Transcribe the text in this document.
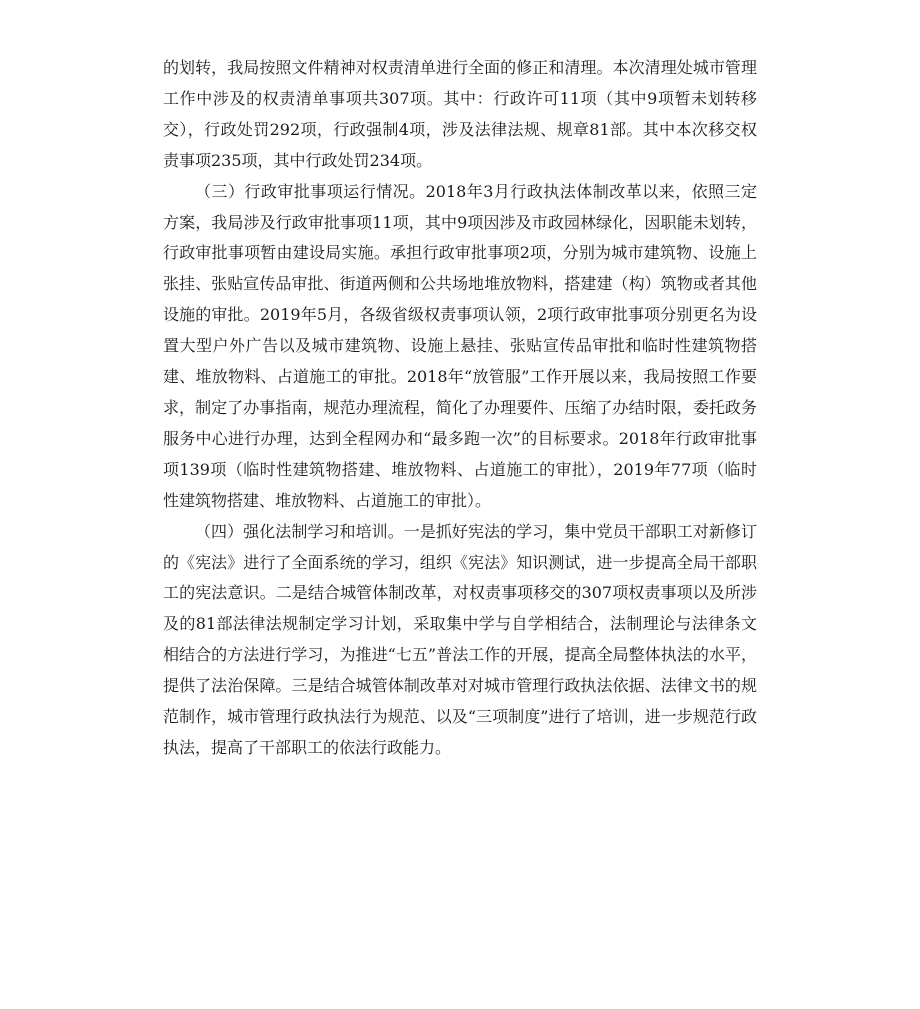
的划转，我局按照文件精神对权责清单进行全面的修正和清理。本次清理处城市管理工作中涉及的权责清单事项共307项。其中：行政许可11项（其中9项暂未划转移交），行政处罚292项，行政强制4项，涉及法律法规、规章81部。其中本次移交权责事项235项，其中行政处罚234项。

（三）行政审批事项运行情况。2018年3月行政执法体制改革以来，依照三定方案，我局涉及行政审批事项11项，其中9项因涉及市政园林绿化，因职能未划转，行政审批事项暂由建设局实施。承担行政审批事项2项，分别为城市建筑物、设施上张挂、张贴宣传品审批、街道两侧和公共场地堆放物料，搭建建（构）筑物或者其他设施的审批。2019年5月，各级省级权责事项认领，2项行政审批事项分别更名为设置大型户外广告以及城市建筑物、设施上悬挂、张贴宣传品审批和临时性建筑物搭建、堆放物料、占道施工的审批。2018年“放管服”工作开展以来，我局按照工作要求，制定了办事指南，规范办理流程，简化了办理要件、压缩了办结时限，委托政务服务中心进行办理，达到全程网办和“最多跑一次”的目标要求。2018年行政审批事项139项（临时性建筑物搭建、堆放物料、占道施工的审批），2019年77项（临时性建筑物搭建、堆放物料、占道施工的审批）。

（四）强化法制学习和培训。一是抓好宪法的学习，集中党员干部职工对新修订的《宪法》进行了全面系统的学习，组织《宪法》知识测试，进一步提高全局干部职工的宪法意识。二是结合城管体制改革，对权责事项移交的307项权责事项以及所涉及的81部法律法规制定学习计划，采取集中学与自学相结合，法制理论与法律条文相结合的方法进行学习，为推进“七五”普法工作的开展，提高全局整体执法的水平，提供了法治保障。三是结合城管体制改革对对城市管理行政执法依据、法律文书的规范制作，城市管理行政执法行为规范、以及“三项制度”进行了培训，进一步规范行政执法，提高了干部职工的依法行政能力。
